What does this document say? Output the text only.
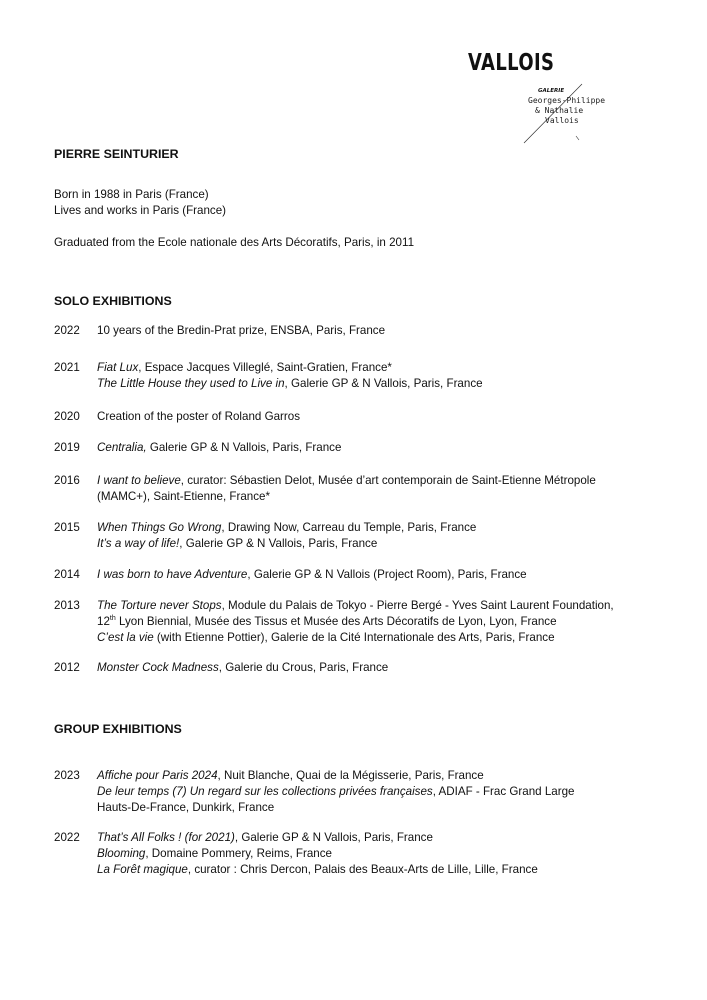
VALLOIS
GALERIE
Georges-Philippe
& Nathalie
Vallois
PIERRE SEINTURIER
Born in 1988 in Paris (France)
Lives and works in Paris (France)
Graduated from the Ecole nationale des Arts Décoratifs, Paris, in 2011
SOLO EXHIBITIONS
2022	10 years of the Bredin-Prat prize, ENSBA, Paris, France
2021	Fiat Lux, Espace Jacques Villeglé, Saint-Gratien, France*
The Little House they used to Live in, Galerie GP & N Vallois, Paris, France
2020	Creation of the poster of Roland Garros
2019	Centralia, Galerie GP & N Vallois, Paris, France
2016	I want to believe, curator: Sébastien Delot, Musée d’art contemporain de Saint-Etienne Métropole
(MAMC+), Saint-Etienne, France*
2015	When Things Go Wrong, Drawing Now, Carreau du Temple, Paris, France
It’s a way of life!, Galerie GP & N Vallois, Paris, France
2014	I was born to have Adventure, Galerie GP & N Vallois (Project Room), Paris, France
2013	The Torture never Stops, Module du Palais de Tokyo - Pierre Bergé - Yves Saint Laurent Foundation,
12th Lyon Biennial, Musée des Tissus et Musée des Arts Décoratifs de Lyon, Lyon, France
C’est la vie (with Etienne Pottier), Galerie de la Cité Internationale des Arts, Paris, France
2012	Monster Cock Madness, Galerie du Crous, Paris, France
GROUP EXHIBITIONS
2023	Affiche pour Paris 2024, Nuit Blanche, Quai de la Mégisserie, Paris, France
De leur temps (7) Un regard sur les collections privées françaises, ADIAF - Frac Grand Large
Hauts-De-France, Dunkirk, France
2022	That’s All Folks ! (for 2021), Galerie GP & N Vallois, Paris, France
Blooming, Domaine Pommery, Reims, France
La Forêt magique, curator : Chris Dercon, Palais des Beaux-Arts de Lille, Lille, France
